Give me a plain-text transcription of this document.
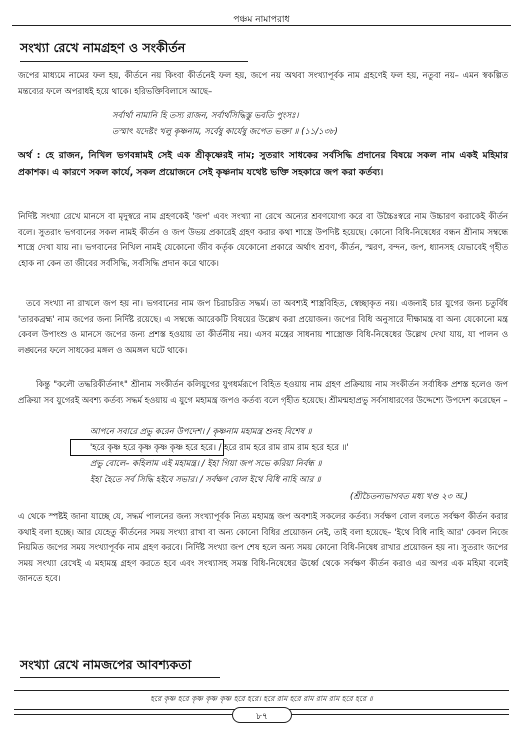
পঞ্চম নামাপরাধ
সংখ্যা রেখে নামগ্রহণ ও সংকীর্তন

জপের মাধ্যমে নামের ফল হয়, কীর্তনে নয় কিংবা কীর্তনেই ফল হয়, জপে নয় অথবা সংখ্যাপূর্বক নাম গ্রহণেই ফল হয়, নতুবা নয়– এমন স্বকল্পিত মন্তব্যের ফলে অপরাধই হয়ে থাকে। হরিভক্তিবিলাসে আছে–

সর্বার্থা নামানি হি তস্য রাজন, সর্বার্থসিদ্ধিস্তু ভবতি পুংসঃ।

তস্মাৎ যদেষ্টং খলু কৃষ্ণনাম, সর্বেষু কার্যেষু জপেত ভক্তা ॥ (১১/১৩৮)

অর্থ : হে রাজন, নিখিল ভগবন্নামই সেই এক শ্রীকৃষ্ণেরই নাম; সুতরাং সাধকের সর্বসিদ্ধি প্রদানের বিষয়ে সকল নাম একই মহিমার প্রকাশক। এ কারণে সকল কার্যে, সকল প্রয়োজনে সেই কৃষ্ণনাম যথেষ্ট ভক্তি সহকারে জপ করা কর্তব্য।

নির্দিষ্ট সংখ্যা রেখে মানসে বা মৃদুস্বরে নাম গ্রহণকেই 'জপ' এবং সংখ্যা না রেখে অন্যের শ্রবণযোগ্য করে বা উচ্চৈঃস্বরে নাম উচ্চারণ করাকেই কীর্তন বলে। সুতরাং ভগবানের সকল নামই কীর্তন ও জপ উভয় প্রকারেই গ্রহণ করার কথা শাস্ত্রে উপদিষ্ট হয়েছে। কোনো বিধি-নিষেধের বন্ধন শ্রীনাম সম্বন্ধে শাস্ত্রে দেখা যায় না। ভগবানের নিখিল নামই যেকোনো জীব কর্তৃক যেকোনো প্রকারে অর্থাৎ শ্রবণ, কীর্তন, স্মরণ, বন্দন, জপ, ধ্যানসহ যেভাবেই গৃহীত হোক না কেন তা জীবের সর্বসিদ্ধি, সর্বসিদ্ধি প্রদান করে থাকে।

তবে সংখ্যা না রাখলে জপ হয় না। ভগবানের নাম জপ চিরাচরিত সদ্ধর্ম। তা অবশ্যই শাস্ত্রবিহিত, স্বেচ্ছাকৃত নয়। এজন্যই চার যুগের জন্য চতুর্বিধ 'তারকব্রহ্ম' নাম জপের জন্য নির্দিষ্ট রয়েছে। এ সম্বন্ধে আরেকটি বিষয়ের উল্লেখ করা প্রয়োজন। জপের বিধি অনুসারে দীক্ষামন্ত্র বা অন্য যেকোনো মন্ত্র কেবল উপাংশু ও মানসে জপের জন্য প্রশস্ত হওয়ায় তা কীর্তনীয় নয়। এসব মন্ত্রের সাধনায় শাস্ত্রোক্ত বিধি-নিষেধের উল্লেখ দেখা যায়, যা পালন ও লঙ্ঘনের ফলে সাধকের মঙ্গল ও অমঙ্গল ঘটে থাকে।

কিন্তু "কলৌ তদ্ধরিকীর্তনাৎ" শ্রীনাম সংকীর্তন কলিযুগের যুগধর্মরূপে বিহিত হওয়ায় নাম গ্রহণ প্রক্রিয়ায় নাম সংকীর্তন সর্বাধিক প্রশস্ত হলেও জপ প্রক্রিয়া সব যুগেরই অবশ্য কর্তব্য সদ্ধর্ম হওয়ায় এ যুগে মহামন্ত্র জপও কর্তব্য বলে গৃহীত হয়েছে। শ্রীমন্মহাপ্রভু সর্বসাধারণের উদ্দেশ্যে উপদেশ করেছেন –

আপনে সবারে প্রভু করেন উপদেশ। / কৃষ্ণনাম মহামন্ত্র শুনহ বিশেষ ॥

'হরে কৃষ্ণ হরে কৃষ্ণ কৃষ্ণ কৃষ্ণ হরে হরে। / হরে রাম হরে রাম রাম রাম হরে হরে ॥'

প্রভু বোলে– কহিলাম এই মহামন্ত্র। / ইহা গিয়া জপ সভে করিয়া নির্বন্ধ ॥

ইহা হৈতে সর্ব সিদ্ধি হইবে সভার। / সর্বক্ষণ বোল ইথে বিধি নাহি আর ॥

(শ্রীচৈতন্যভাগবত মধ্য খণ্ড ২৩ অ.)

এ থেকে স্পষ্টই জানা যাচ্ছে যে, সদ্ধর্ম পালনের জন্য সংখ্যাপূর্বক নিত্য মহামন্ত্র জপ অবশ্যই সকলের কর্তব্য। সর্বক্ষণ বোল বলতে সর্বক্ষণ কীর্তন করার কথাই বলা হচ্ছে। আর যেহেতু কীর্তনের সময় সংখ্যা রাখা বা অন্য কোনো বিধির প্রয়োজন নেই, তাই বলা হয়েছে– 'ইথে বিধি নাহি আর' কেবল নিজে নিয়মিত জপের সময় সংখ্যাপূর্বক নাম গ্রহণ করবে। নির্দিষ্ট সংখ্যা জপ শেষ হলে অন্য সময় কোনো বিধি-নিষেধ রাখার প্রয়োজন হয় না। সুতরাং জপের সময় সংখ্যা রেখেই এ মহামন্ত্র গ্রহণ করতে হবে এবং সংখ্যাসহ সমস্ত বিধি-নিষেধের ঊর্ধ্বে থেকে সর্বক্ষণ কীর্তন করাও এর অপর এক মহিমা বলেই জানতে হবে।

সংখ্যা রেখে নামজপের আবশ্যকতা
হরে কৃষ্ণ হরে কৃষ্ণ কৃষ্ণ কৃষ্ণ হরে হরে। হরে রাম হরে রাম রাম রাম হরে হরে ॥
৮৭
